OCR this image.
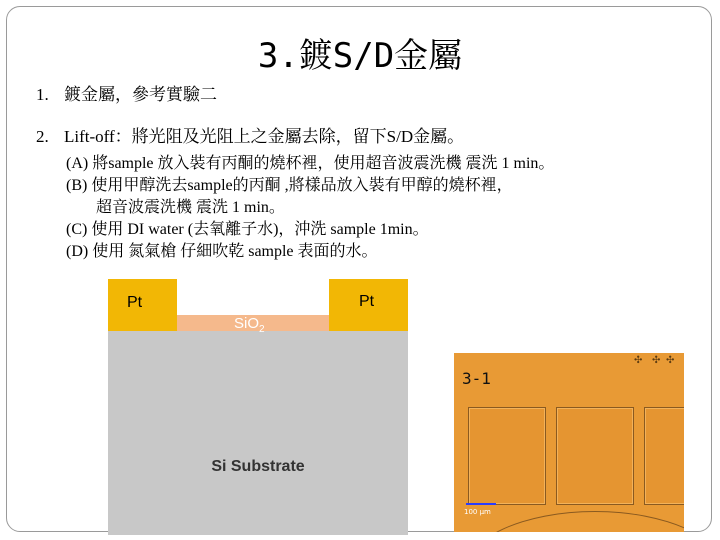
3.鍍S/D金屬
1. 鍍金屬，參考實驗二
2. Lift-off：將光阻及光阻上之金屬去除，留下S/D金屬。
(A) 將sample 放入裝有丙酮的燒杯裡，使用超音波震洗機 震洗 1 min。
(B) 使用甲醇洗去sample的丙酮 ,將樣品放入裝有甲醇的燒杯裡，
超音波震洗機 震洗 1 min。
(C) 使用 DI water (去氧離子水)，沖洗 sample 1min。
(D) 使用 氮氣槍 仔細吹乾 sample 表面的水。
Si Substrate
SiO$_2$
Pt	Pt
✣ ✣ ✣
3-1
100 μm
